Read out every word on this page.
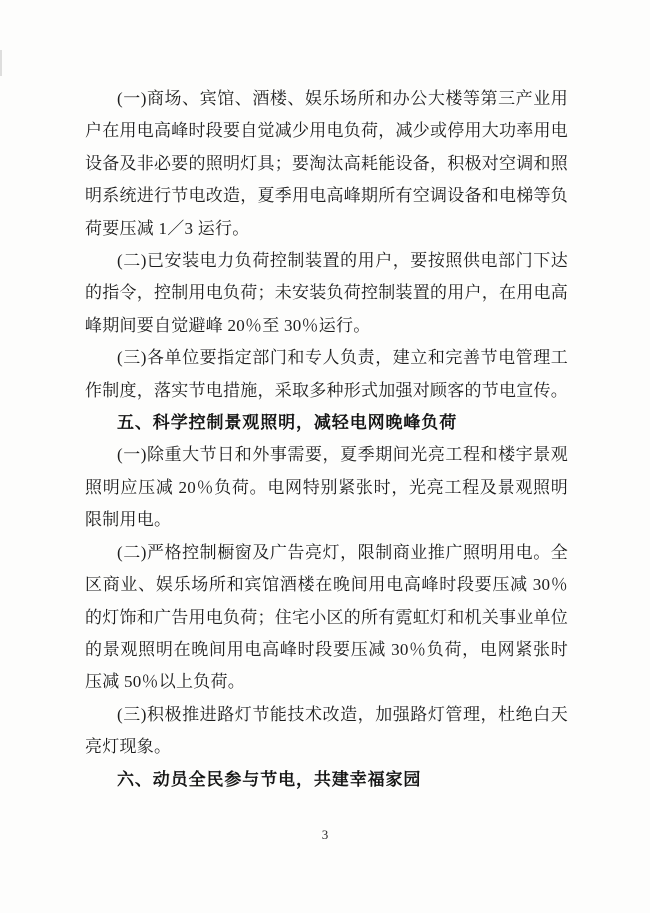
(一)商场、宾馆、酒楼、娱乐场所和办公大楼等第三产业用户在用电高峰时段要自觉减少用电负荷，减少或停用大功率用电设备及非必要的照明灯具；要淘汰高耗能设备，积极对空调和照明系统进行节电改造，夏季用电高峰期所有空调设备和电梯等负荷要压减 1／3 运行。

(二)已安装电力负荷控制装置的用户，要按照供电部门下达的指令，控制用电负荷；未安装负荷控制装置的用户，在用电高峰期间要自觉避峰 20％至 30％运行。

(三)各单位要指定部门和专人负责，建立和完善节电管理工作制度，落实节电措施，采取多种形式加强对顾客的节电宣传。

五、科学控制景观照明，减轻电网晚峰负荷

(一)除重大节日和外事需要，夏季期间光亮工程和楼宇景观照明应压减 20％负荷。电网特别紧张时，光亮工程及景观照明限制用电。

(二)严格控制橱窗及广告亮灯，限制商业推广照明用电。全区商业、娱乐场所和宾馆酒楼在晚间用电高峰时段要压减 30％的灯饰和广告用电负荷；住宅小区的所有霓虹灯和机关事业单位的景观照明在晚间用电高峰时段要压减 30％负荷，电网紧张时压减 50％以上负荷。

(三)积极推进路灯节能技术改造，加强路灯管理，杜绝白天亮灯现象。

六、动员全民参与节电，共建幸福家园
3
